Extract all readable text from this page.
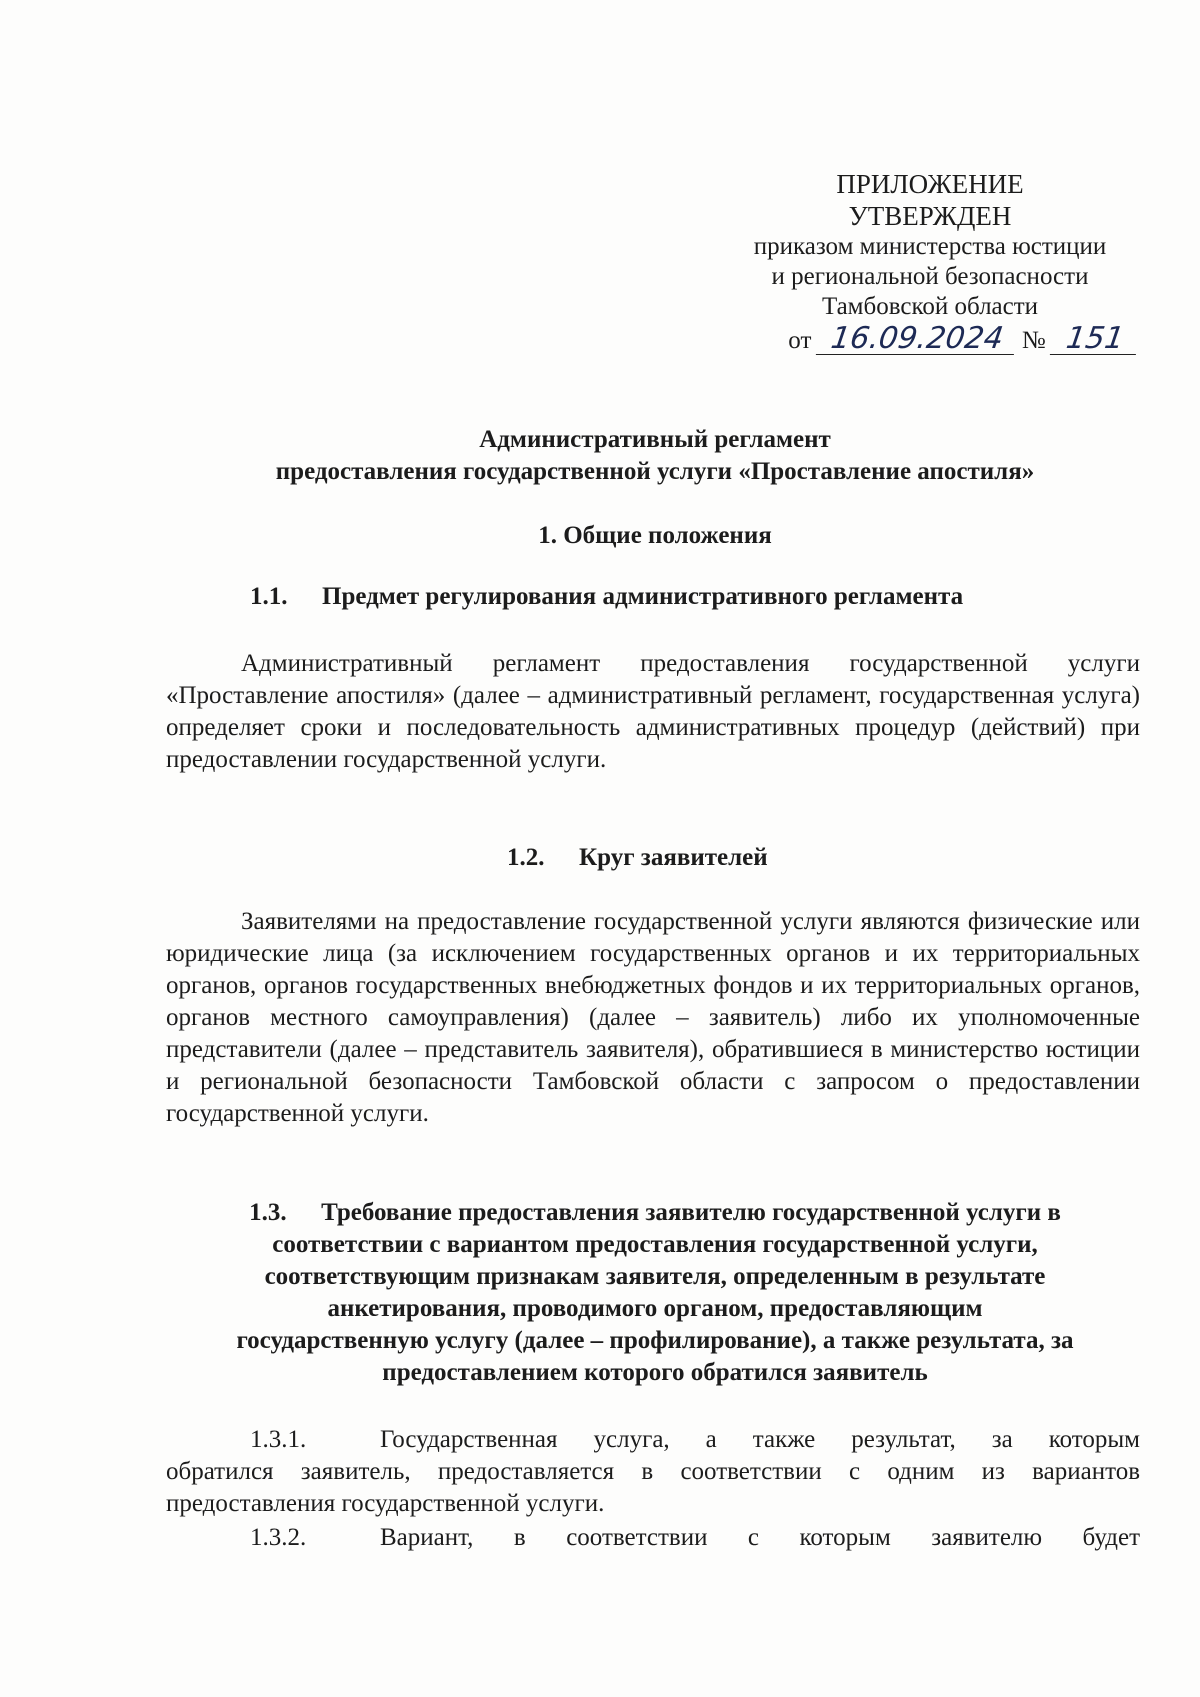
ПРИЛОЖЕНИЕ
УТВЕРЖДЕН
приказом министерства юстиции
и региональной безопасности
Тамбовской области
от 16.09.2024 № 151
Административный регламент
предоставления государственной услуги «Проставление апостиля»
1. Общие положения
1.1. Предмет регулирования административного регламента
Административный регламент предоставления государственной услуги «Проставление апостиля» (далее – административный регламент, государственная услуга) определяет сроки и последовательность административных процедур (действий) при предоставлении государственной услуги.
1.2. Круг заявителей
Заявителями на предоставление государственной услуги являются физические или юридические лица (за исключением государственных органов и их территориальных органов, органов государственных внебюджетных фондов и их территориальных органов, органов местного самоуправления) (далее – заявитель) либо их уполномоченные представители (далее – представитель заявителя), обратившиеся в министерство юстиции и региональной безопасности Тамбовской области с запросом о предоставлении государственной услуги.
1.3. Требование предоставления заявителю государственной услуги в
соответствии с вариантом предоставления государственной услуги,
соответствующим признакам заявителя, определенным в результате
анкетирования, проводимого органом, предоставляющим
государственную услугу (далее – профилирование), а также результата, за
предоставлением которого обратился заявитель
1.3.1.	Государственная услуга, а также результат, за которым
обратился заявитель, предоставляется в соответствии с одним из вариантов предоставления государственной услуги.
1.3.2.	Вариант, в соответствии с которым заявителю будет
